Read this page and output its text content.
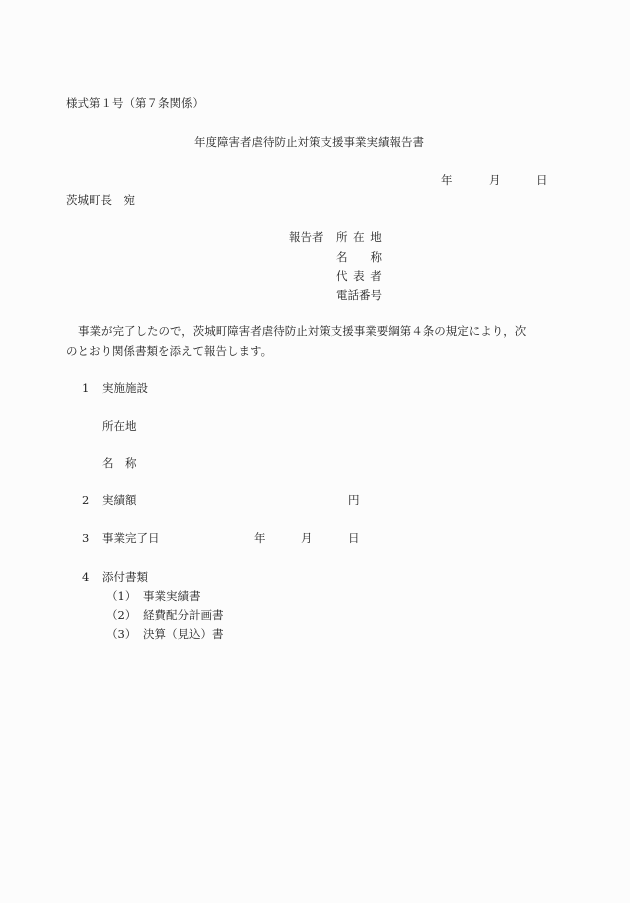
様式第１号（第７条関係）
年度障害者虐待防止対策支援事業実績報告書
年	月	日
茨城町長　宛
報告者 所 在 地
名　　称
代 表 者
電話番号
事業が完了したので，茨城町障害者虐待防止対策支援事業要綱第４条の規定により，次
のとおり関係書類を添えて報告します。
1 実施施設
所在地
名　称
2 実績額	円
3 事業完了日	年	月	日
4 添付書類
（1） 事業実績書
（2） 経費配分計画書
（3） 決算（見込）書
